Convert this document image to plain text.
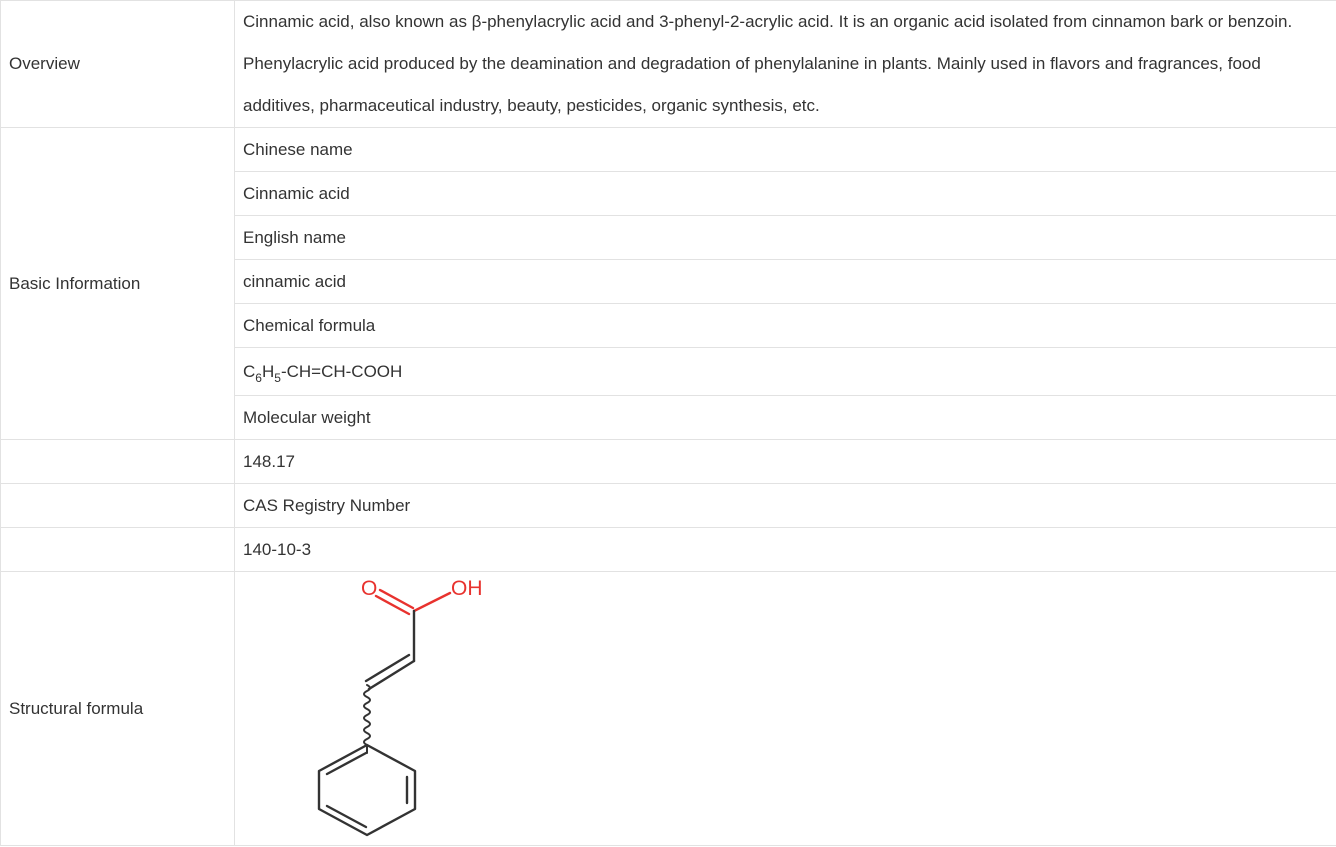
Overview	Cinnamic acid, also known as β-phenylacrylic acid and 3-phenyl-2-acrylic acid. It is an organic acid isolated from cinnamon bark or benzoin. Phenylacrylic acid produced by the deamination and degradation of phenylalanine in plants. Mainly used in flavors and fragrances, food additives, pharmaceutical industry, beauty, pesticides, organic synthesis, etc.
Basic Information	Chinese name
	Cinnamic acid
	English name
	cinnamic acid
	Chemical formula
	$C_6H_5-CH=CH$-COOH
	Molecular weight
	148.17
	CAS Registry Number
	140-10-3
Structural formula	O OH
